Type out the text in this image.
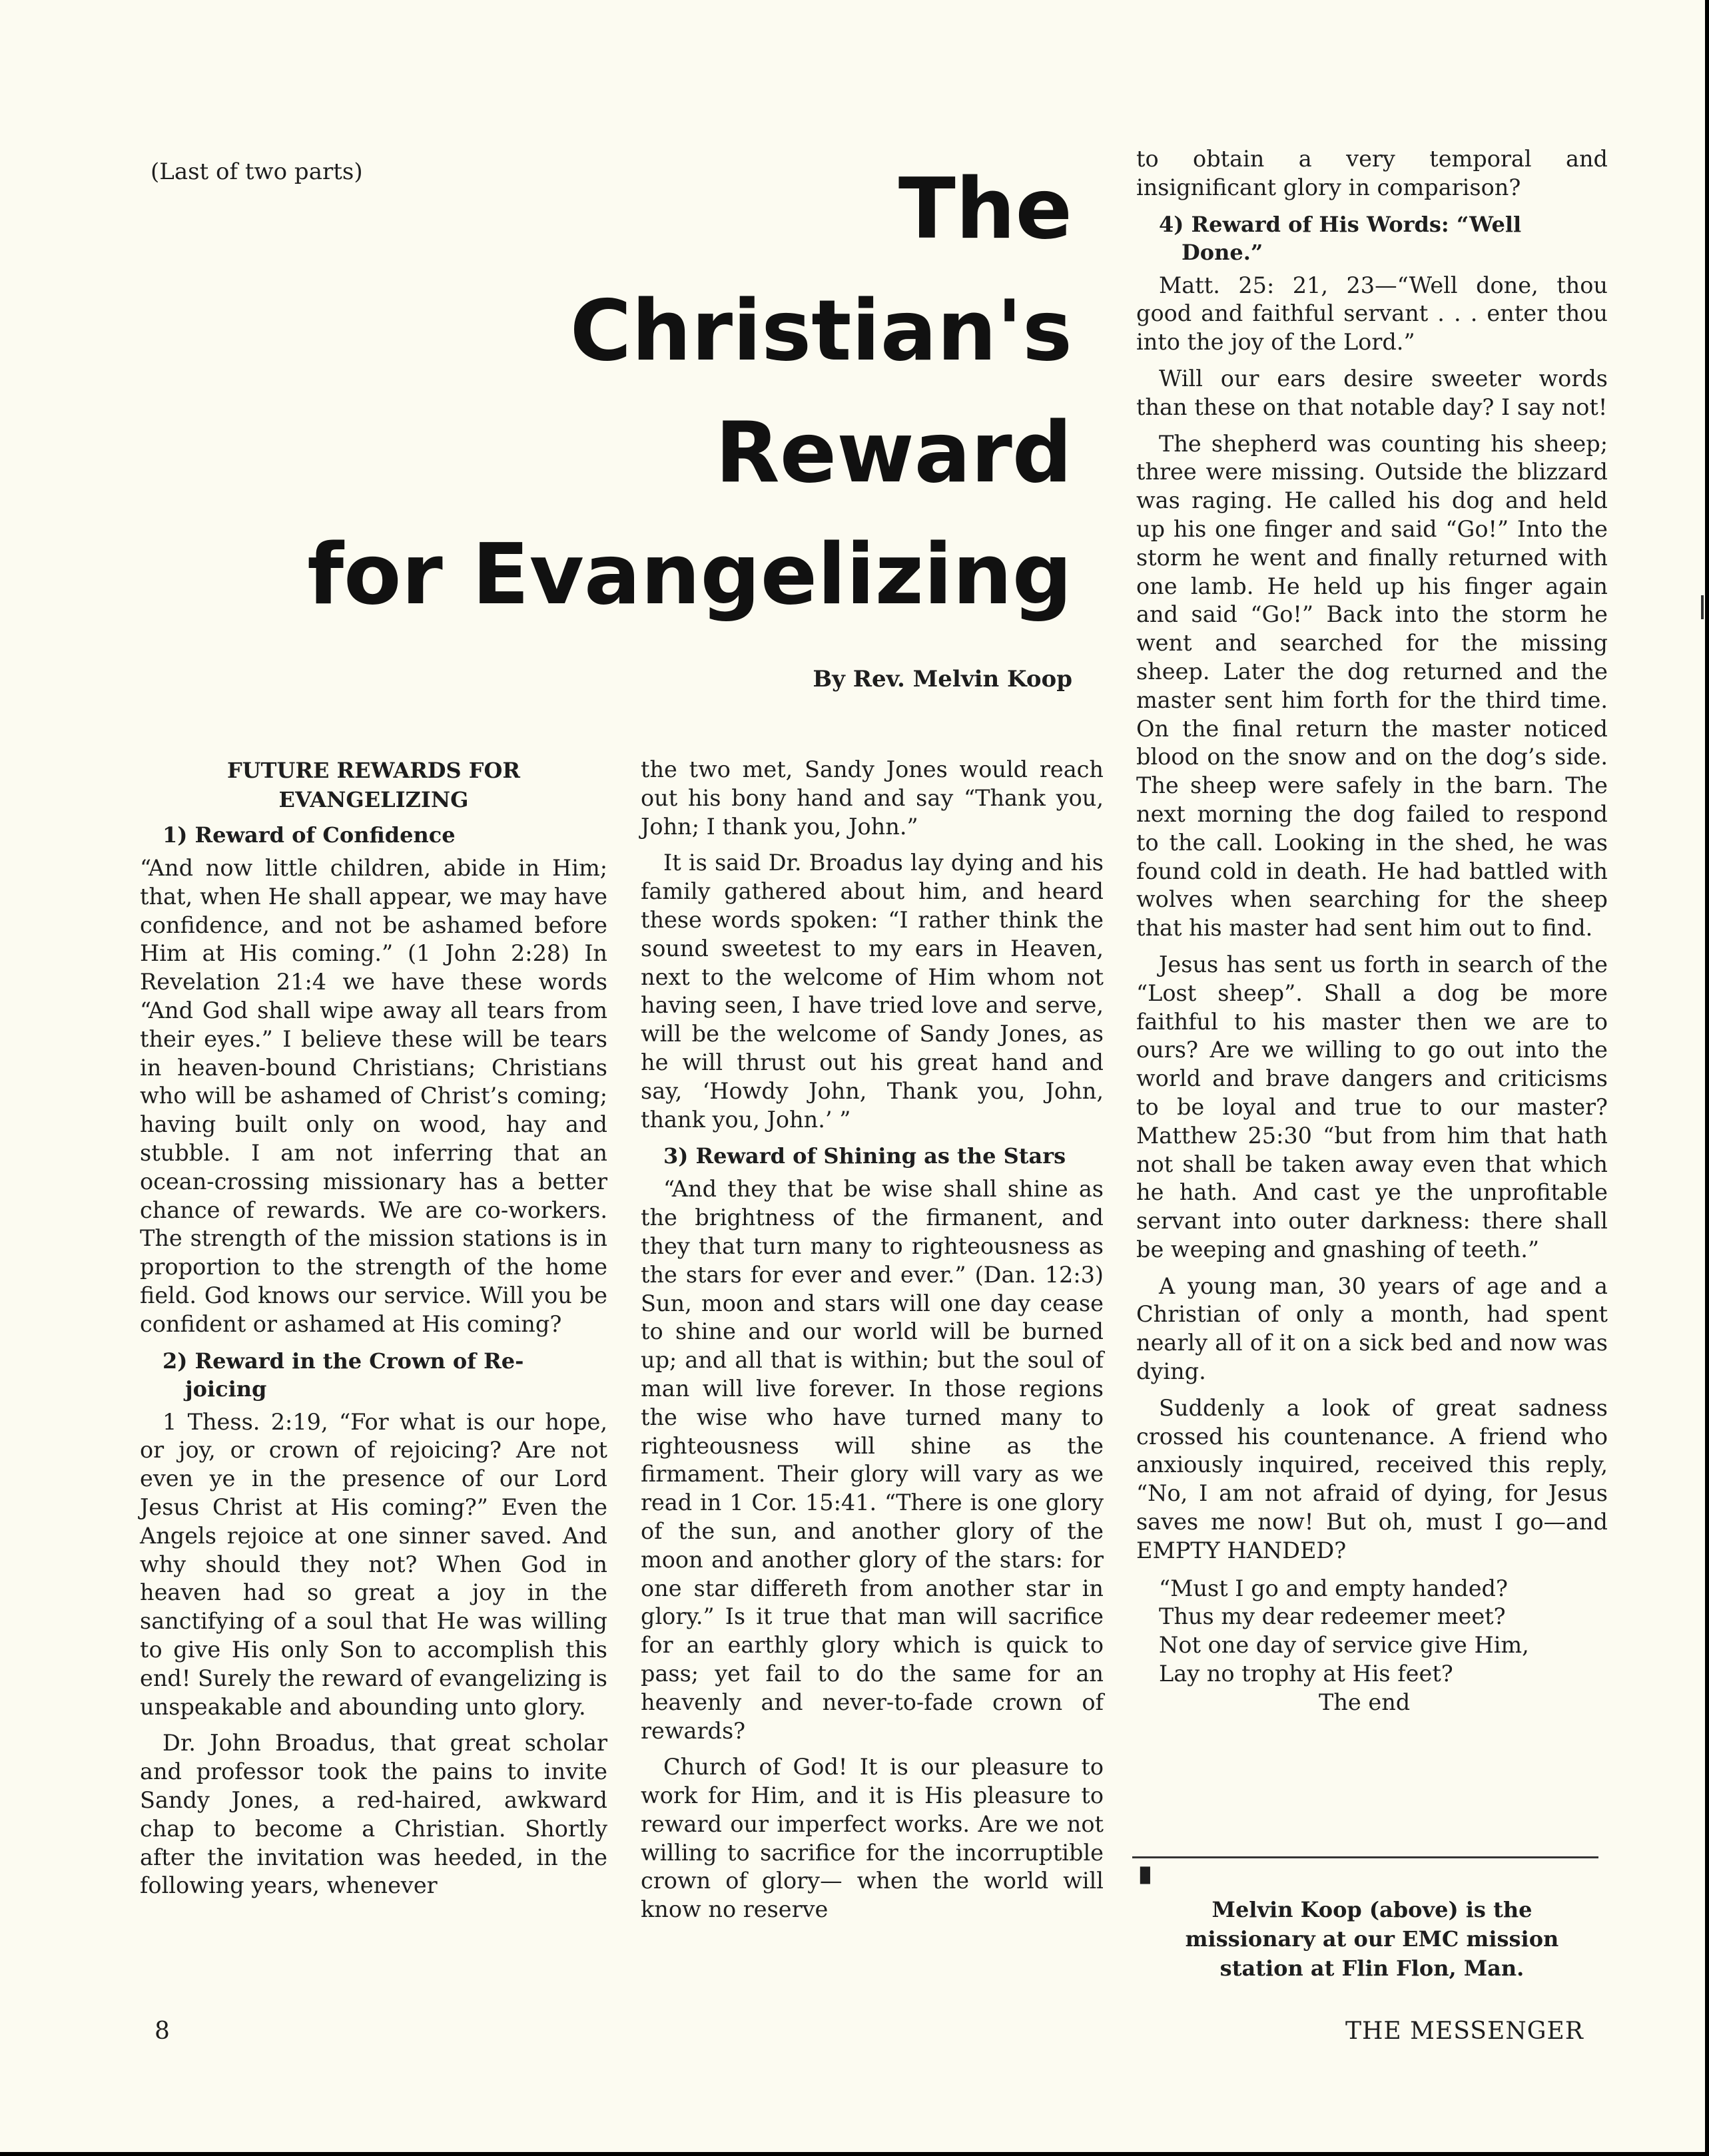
(Last of two parts)	The
Christian's
Reward
for Evangelizing
By Rev. Melvin Koop
FUTURE REWARDS FOR
EVANGELIZING
1) Reward of Confidence

“And now little children, abide in Him; that, when He shall appear, we may have confidence, and not be ashamed before Him at His coming.” (1 John 2:28) In Revelation 21:4 we have these words “And God shall wipe away all tears from their eyes.” I believe these will be tears in heaven-bound Christians; Christians who will be ashamed of Christ’s coming; having built only on wood, hay and stubble. I am not inferring that an ocean-crossing missionary has a better chance of rewards. We are co-workers. The strength of the mission stations is in proportion to the strength of the home field. God knows our service. Will you be confident or ashamed at His coming?

2) Reward in the Crown of Re-
joicing

1 Thess. 2:19, “For what is our hope, or joy, or crown of rejoicing? Are not even ye in the presence of our Lord Jesus Christ at His coming?” Even the Angels rejoice at one sinner saved. And why should they not? When God in heaven had so great a joy in the sanctifying of a soul that He was willing to give His only Son to accomplish this end! Surely the reward of evangelizing is unspeakable and abounding unto glory.

Dr. John Broadus, that great scholar and professor took the pains to invite Sandy Jones, a red-haired, awkward chap to become a Christian. Shortly after the invitation was heeded, in the following years, whenever

the two met, Sandy Jones would reach out his bony hand and say “Thank you, John; I thank you, John.”

It is said Dr. Broadus lay dying and his family gathered about him, and heard these words spoken: “I rather think the sound sweetest to my ears in Heaven, next to the welcome of Him whom not having seen, I have tried love and serve, will be the welcome of Sandy Jones, as he will thrust out his great hand and say, ‘Howdy John, Thank you, John, thank you, John.’ ”

3) Reward of Shining as the Stars

“And they that be wise shall shine as the brightness of the firmanent, and they that turn many to righteousness as the stars for ever and ever.” (Dan. 12:3) Sun, moon and stars will one day cease to shine and our world will be burned up; and all that is within; but the soul of man will live forever. In those regions the wise who have turned many to righteousness will shine as the firmament. Their glory will vary as we read in 1 Cor. 15:41. “There is one glory of the sun, and another glory of the moon and another glory of the stars: for one star differeth from another star in glory.” Is it true that man will sacrifice for an earthly glory which is quick to pass; yet fail to do the same for an heavenly and never-to-fade crown of rewards?

Church of God! It is our pleasure to work for Him, and it is His pleasure to reward our imperfect works. Are we not willing to sacrifice for the incorruptible crown of glory— when the world will know no reserve

to obtain a very temporal and insignificant glory in comparison?

4) Reward of His Words: “Well
Done.”

Matt. 25: 21, 23—“Well done, thou good and faithful servant . . . enter thou into the joy of the Lord.”

Will our ears desire sweeter words than these on that notable day? I say not!

The shepherd was counting his sheep; three were missing. Outside the blizzard was raging. He called his dog and held up his one finger and said “Go!” Into the storm he went and finally returned with one lamb. He held up his finger again and said “Go!” Back into the storm he went and searched for the missing sheep. Later the dog returned and the master sent him forth for the third time. On the final return the master noticed blood on the snow and on the dog’s side. The sheep were safely in the barn. The next morning the dog failed to respond to the call. Looking in the shed, he was found cold in death. He had battled with wolves when searching for the sheep that his master had sent him out to find.

Jesus has sent us forth in search of the “Lost sheep”. Shall a dog be more faithful to his master then we are to ours? Are we willing to go out into the world and brave dangers and criticisms to be loyal and true to our master? Matthew 25:30 “but from him that hath not shall be taken away even that which he hath. And cast ye the unprofitable servant into outer darkness: there shall be weeping and gnashing of teeth.”

A young man, 30 years of age and a Christian of only a month, had spent nearly all of it on a sick bed and now was dying.

Suddenly a look of great sadness crossed his countenance. A friend who anxiously inquired, received this reply, “No, I am not afraid of dying, for Jesus saves me now! But oh, must I go—and EMPTY HANDED?

“Must I go and empty handed?
Thus my dear redeemer meet?
Not one day of service give Him,
Lay no trophy at His feet?
The end
▉
Melvin Koop (above) is the
missionary at our EMC mission
station at Flin Flon, Man.
8	THE MESSENGER
